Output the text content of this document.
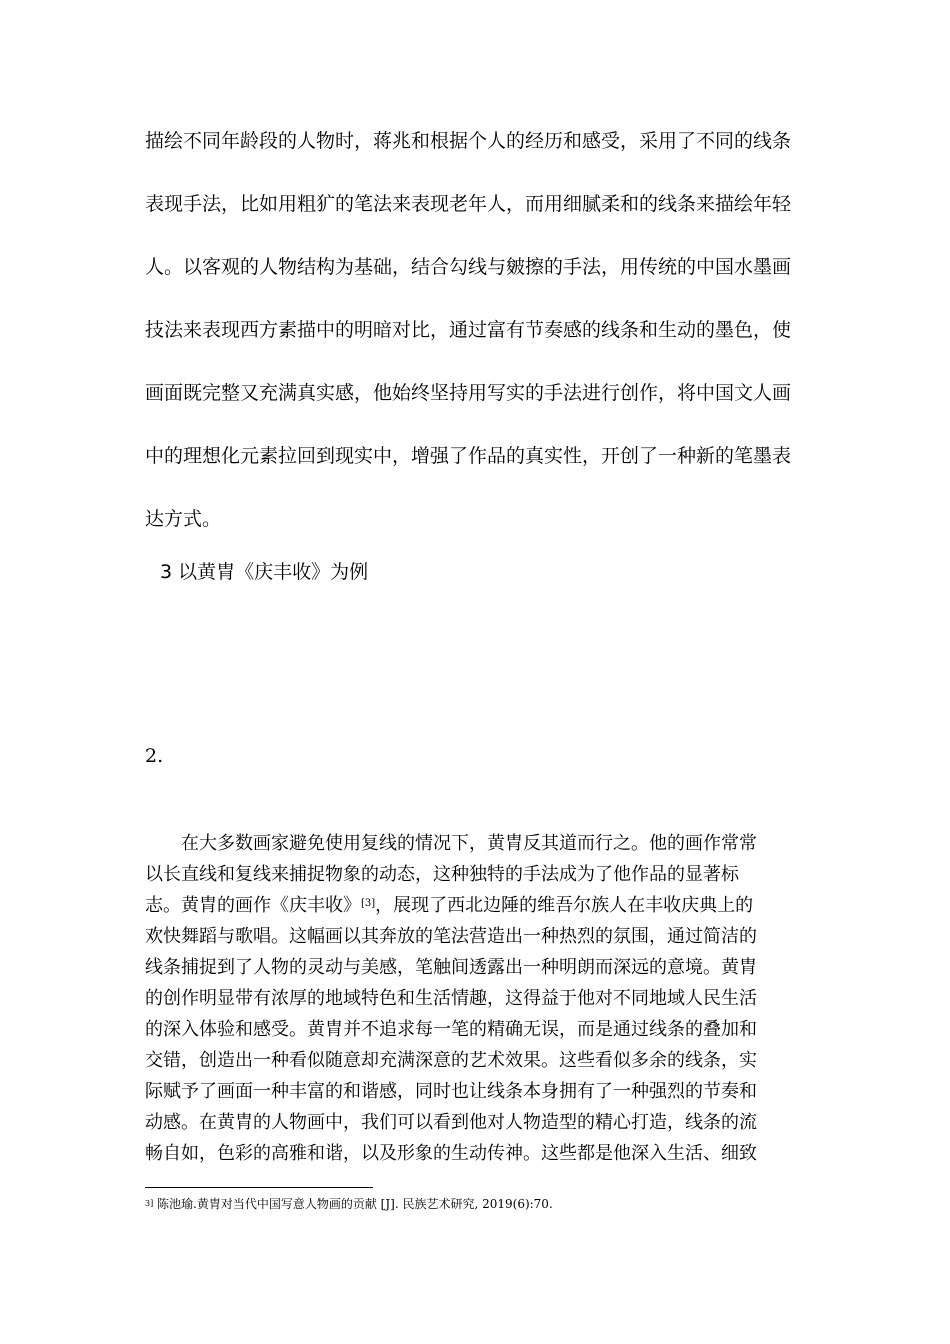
描绘不同年龄段的人物时，蒋兆和根据个人的经历和感受，采用了不同的线条
表现手法，比如用粗犷的笔法来表现老年人，而用细腻柔和的线条来描绘年轻
人。以客观的人物结构为基础，结合勾线与皴擦的手法，用传统的中国水墨画
技法来表现西方素描中的明暗对比，通过富有节奏感的线条和生动的墨色，使
画面既完整又充满真实感，他始终坚持用写实的手法进行创作，将中国文人画
中的理想化元素拉回到现实中，增强了作品的真实性，开创了一种新的笔墨表
达方式。
3 以黄胄《庆丰收》为例
2.
在大多数画家避免使用复线的情况下，黄胄反其道而行之。他的画作常常
以长直线和复线来捕捉物象的动态，这种独特的手法成为了他作品的显著标
志。黄胄的画作《庆丰收》[3]，展现了西北边陲的维吾尔族人在丰收庆典上的
欢快舞蹈与歌唱。这幅画以其奔放的笔法营造出一种热烈的氛围，通过简洁的
线条捕捉到了人物的灵动与美感，笔触间透露出一种明朗而深远的意境。黄胄
的创作明显带有浓厚的地域特色和生活情趣，这得益于他对不同地域人民生活
的深入体验和感受。黄胄并不追求每一笔的精确无误，而是通过线条的叠加和
交错，创造出一种看似随意却充满深意的艺术效果。这些看似多余的线条，实
际赋予了画面一种丰富的和谐感，同时也让线条本身拥有了一种强烈的节奏和
动感。在黄胄的人物画中，我们可以看到他对人物造型的精心打造，线条的流
畅自如，色彩的高雅和谐，以及形象的生动传神。这些都是他深入生活、细致
$^{3]}$ 陈池瑜.黄胄对当代中国写意人物画的贡献 [J]. 民族艺术研究, 2019(6):70.
